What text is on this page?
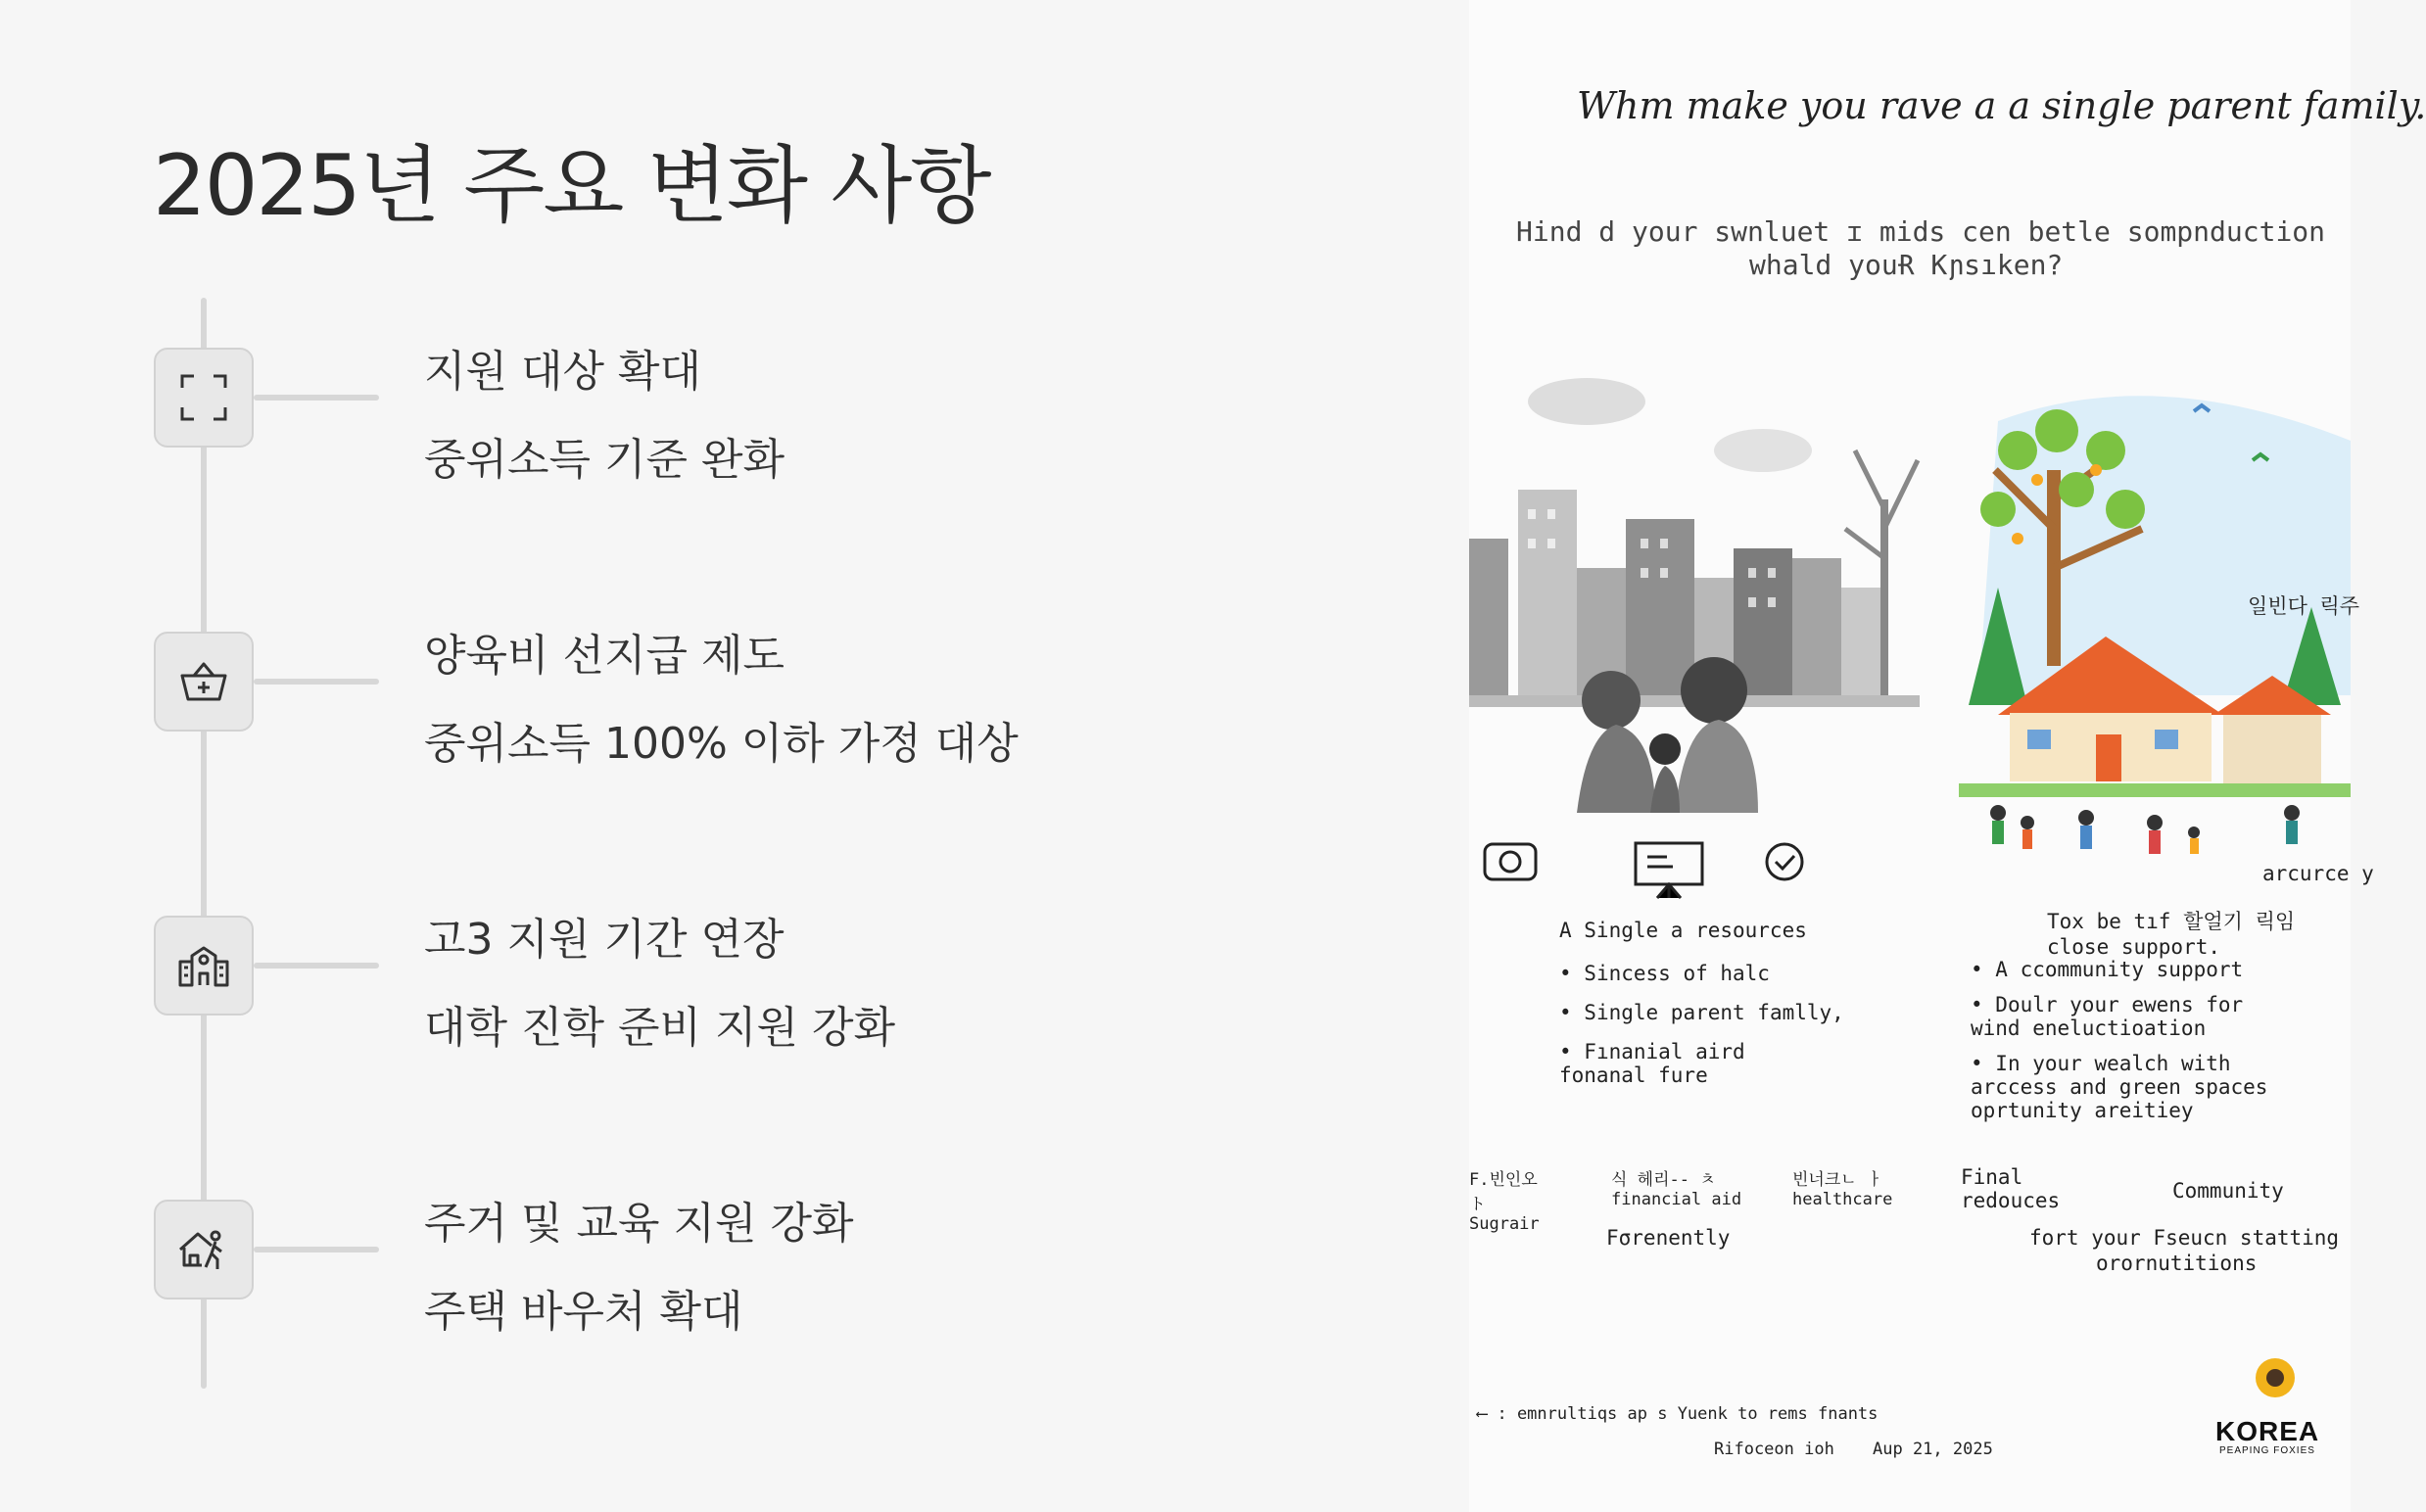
2025년 주요 변화 사항
지원 대상 확대
중위소득 기준 완화
양육비 선지급 제도
중위소득 100% 이하 가정 대상
고3 지원 기간 연장
대학 진학 준비 지원 강화
주거 및 교육 지원 강화
주택 바우처 확대
Whm make you rave a a single parent family.
Hind d your swnluet ɪ mids cen betle sompnduction
whald youɌ Kɲsıken?
일빈다 릭주
arcurce y
A Single a resources
• Sincess of halc
• Single parent famlly,
• Fınanial aird fonanal fure
Tox be tıf 할얼기 릭임 close support.
• A ccommunity support
• Doulr your ewens for wind eneluctioation
• In your wealch with arccess and green spaces oprtunity areitiey
F.빈인오 ト Sugrair
식 헤리-- ㅊ financial aid
빈너크ㄴ ㅏ healthcare
Fσrenently
Final redouces	Community
fort your Fseucn statting
orornutitions
⟵ : emnrultiqs ap s Yuenk to rems fnants
Rifoceon ioh Aup 21, 2025
KOREA
PEAPING FOXIES
